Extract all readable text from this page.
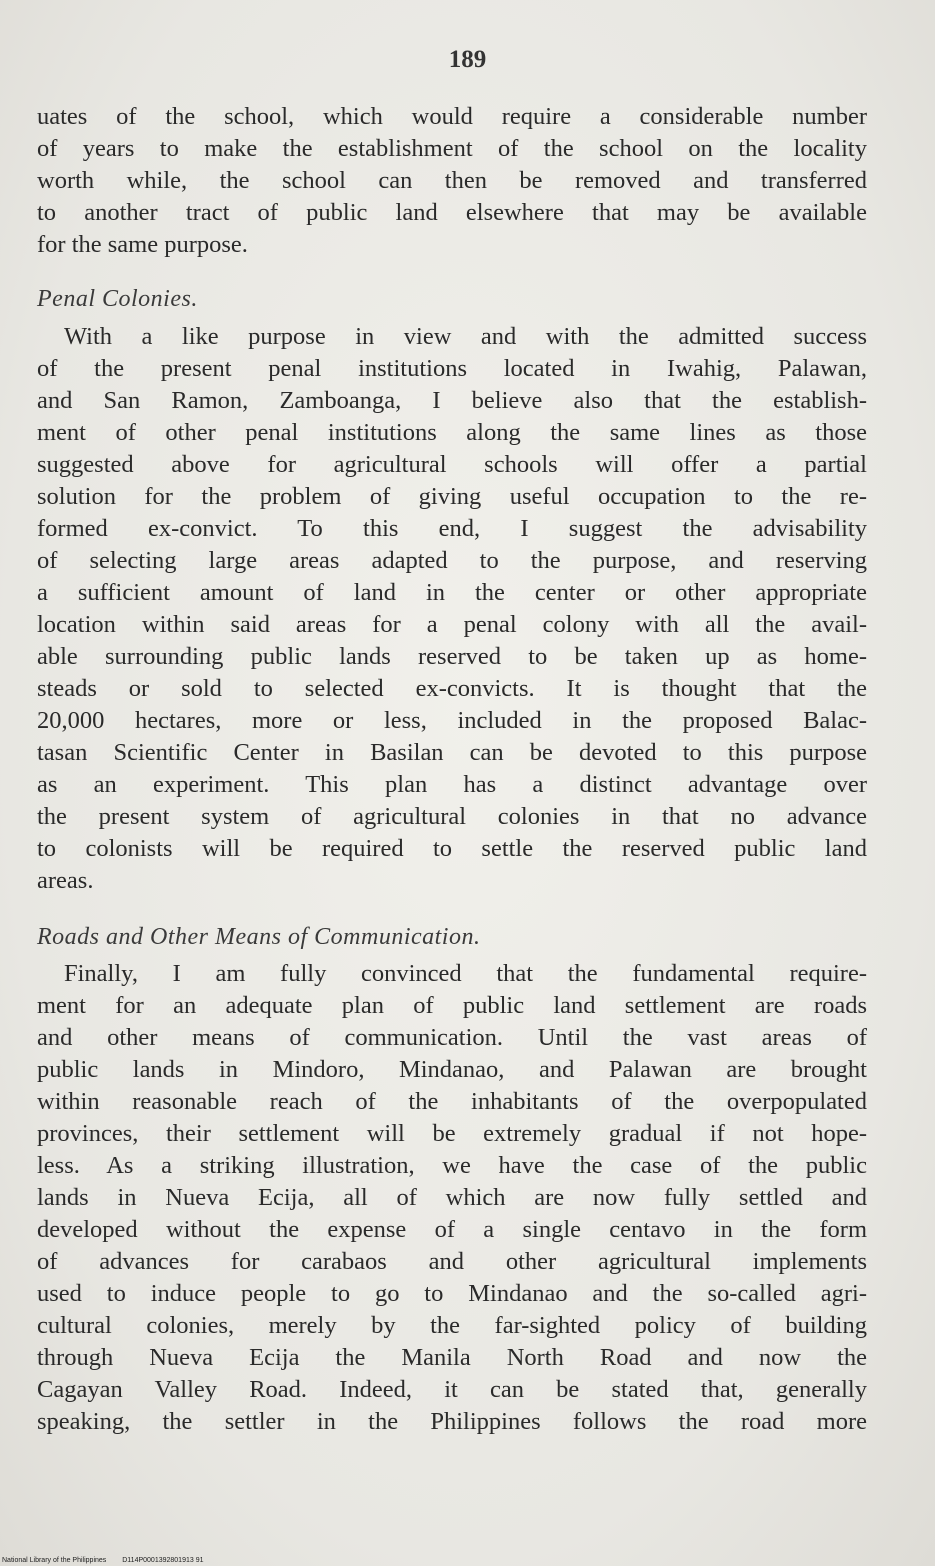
189
uates of the school, which would require a considerable number
of years to make the establishment of the school on the locality
worth while, the school can then be removed and transferred
to another tract of public land elsewhere that may be available
for the same purpose.
Penal Colonies.
With a like purpose in view and with the admitted success
of the present penal institutions located in Iwahig, Palawan,
and San Ramon, Zamboanga, I believe also that the establish-
ment of other penal institutions along the same lines as those
suggested above for agricultural schools will offer a partial
solution for the problem of giving useful occupation to the re-
formed ex-convict. To this end, I suggest the advisability
of selecting large areas adapted to the purpose, and reserving
a sufficient amount of land in the center or other appropriate
location within said areas for a penal colony with all the avail-
able surrounding public lands reserved to be taken up as home-
steads or sold to selected ex-convicts. It is thought that the
20,000 hectares, more or less, included in the proposed Balac-
tasan Scientific Center in Basilan can be devoted to this purpose
as an experiment. This plan has a distinct advantage over
the present system of agricultural colonies in that no advance
to colonists will be required to settle the reserved public land
areas.
Roads and Other Means of Communication.
Finally, I am fully convinced that the fundamental require-
ment for an adequate plan of public land settlement are roads
and other means of communication. Until the vast areas of
public lands in Mindoro, Mindanao, and Palawan are brought
within reasonable reach of the inhabitants of the overpopulated
provinces, their settlement will be extremely gradual if not hope-
less. As a striking illustration, we have the case of the public
lands in Nueva Ecija, all of which are now fully settled and
developed without the expense of a single centavo in the form
of advances for carabaos and other agricultural implements
used to induce people to go to Mindanao and the so-called agri-
cultural colonies, merely by the far-sighted policy of building
through Nueva Ecija the Manila North Road and now the
Cagayan Valley Road. Indeed, it can be stated that, generally
speaking, the settler in the Philippines follows the road more
National Library of the Philippines D114P0001392801913 91
